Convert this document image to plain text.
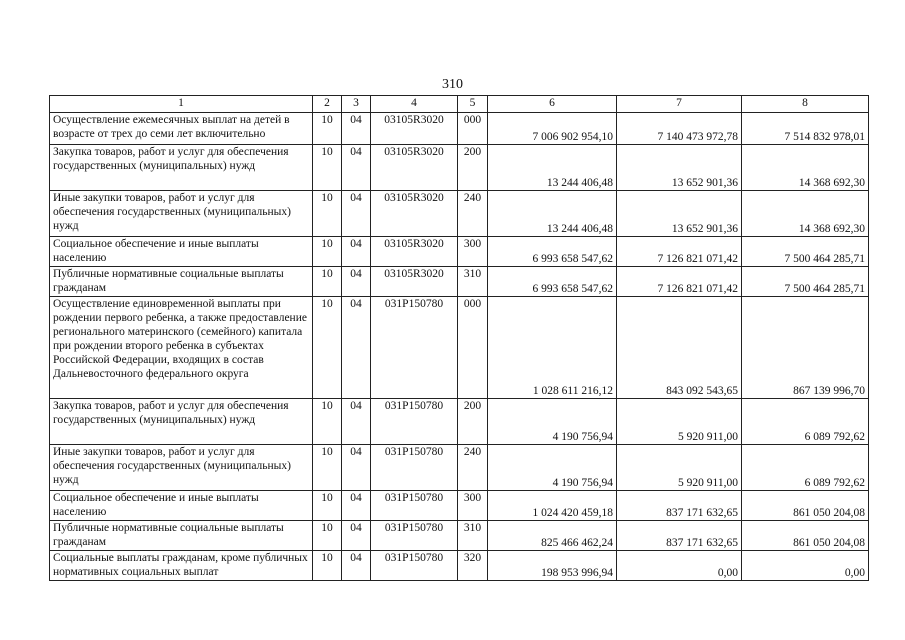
310
1	2	3	4	5	6	7	8
Осуществление ежемесячных выплат на детей в возрасте от трех до семи лет включительно	10	04	03105R3020	000	7 006 902 954,10	7 140 473 972,78	7 514 832 978,01
Закупка товаров, работ и услуг для обеспечения государственных (муниципальных) нужд	10	04	03105R3020	200	13 244 406,48	13 652 901,36	14 368 692,30
Иные закупки товаров, работ и услуг для обеспечения государственных (муниципальных) нужд	10	04	03105R3020	240	13 244 406,48	13 652 901,36	14 368 692,30
Социальное обеспечение и иные выплаты населению	10	04	03105R3020	300	6 993 658 547,62	7 126 821 071,42	7 500 464 285,71
Публичные нормативные социальные выплаты гражданам	10	04	03105R3020	310	6 993 658 547,62	7 126 821 071,42	7 500 464 285,71
Осуществление единовременной выплаты при рождении первого ребенка, а также предоставление регионального материнского (семейного) капитала при рождении второго ребенка в субъектах Российской Федерации, входящих в состав Дальневосточного федерального округа	10	04	031P150780	000	1 028 611 216,12	843 092 543,65	867 139 996,70
Закупка товаров, работ и услуг для обеспечения государственных (муниципальных) нужд	10	04	031P150780	200	4 190 756,94	5 920 911,00	6 089 792,62
Иные закупки товаров, работ и услуг для обеспечения государственных (муниципальных) нужд	10	04	031P150780	240	4 190 756,94	5 920 911,00	6 089 792,62
Социальное обеспечение и иные выплаты населению	10	04	031P150780	300	1 024 420 459,18	837 171 632,65	861 050 204,08
Публичные нормативные социальные выплаты гражданам	10	04	031P150780	310	825 466 462,24	837 171 632,65	861 050 204,08
Социальные выплаты гражданам, кроме публичных нормативных социальных выплат	10	04	031P150780	320	198 953 996,94	0,00	0,00
